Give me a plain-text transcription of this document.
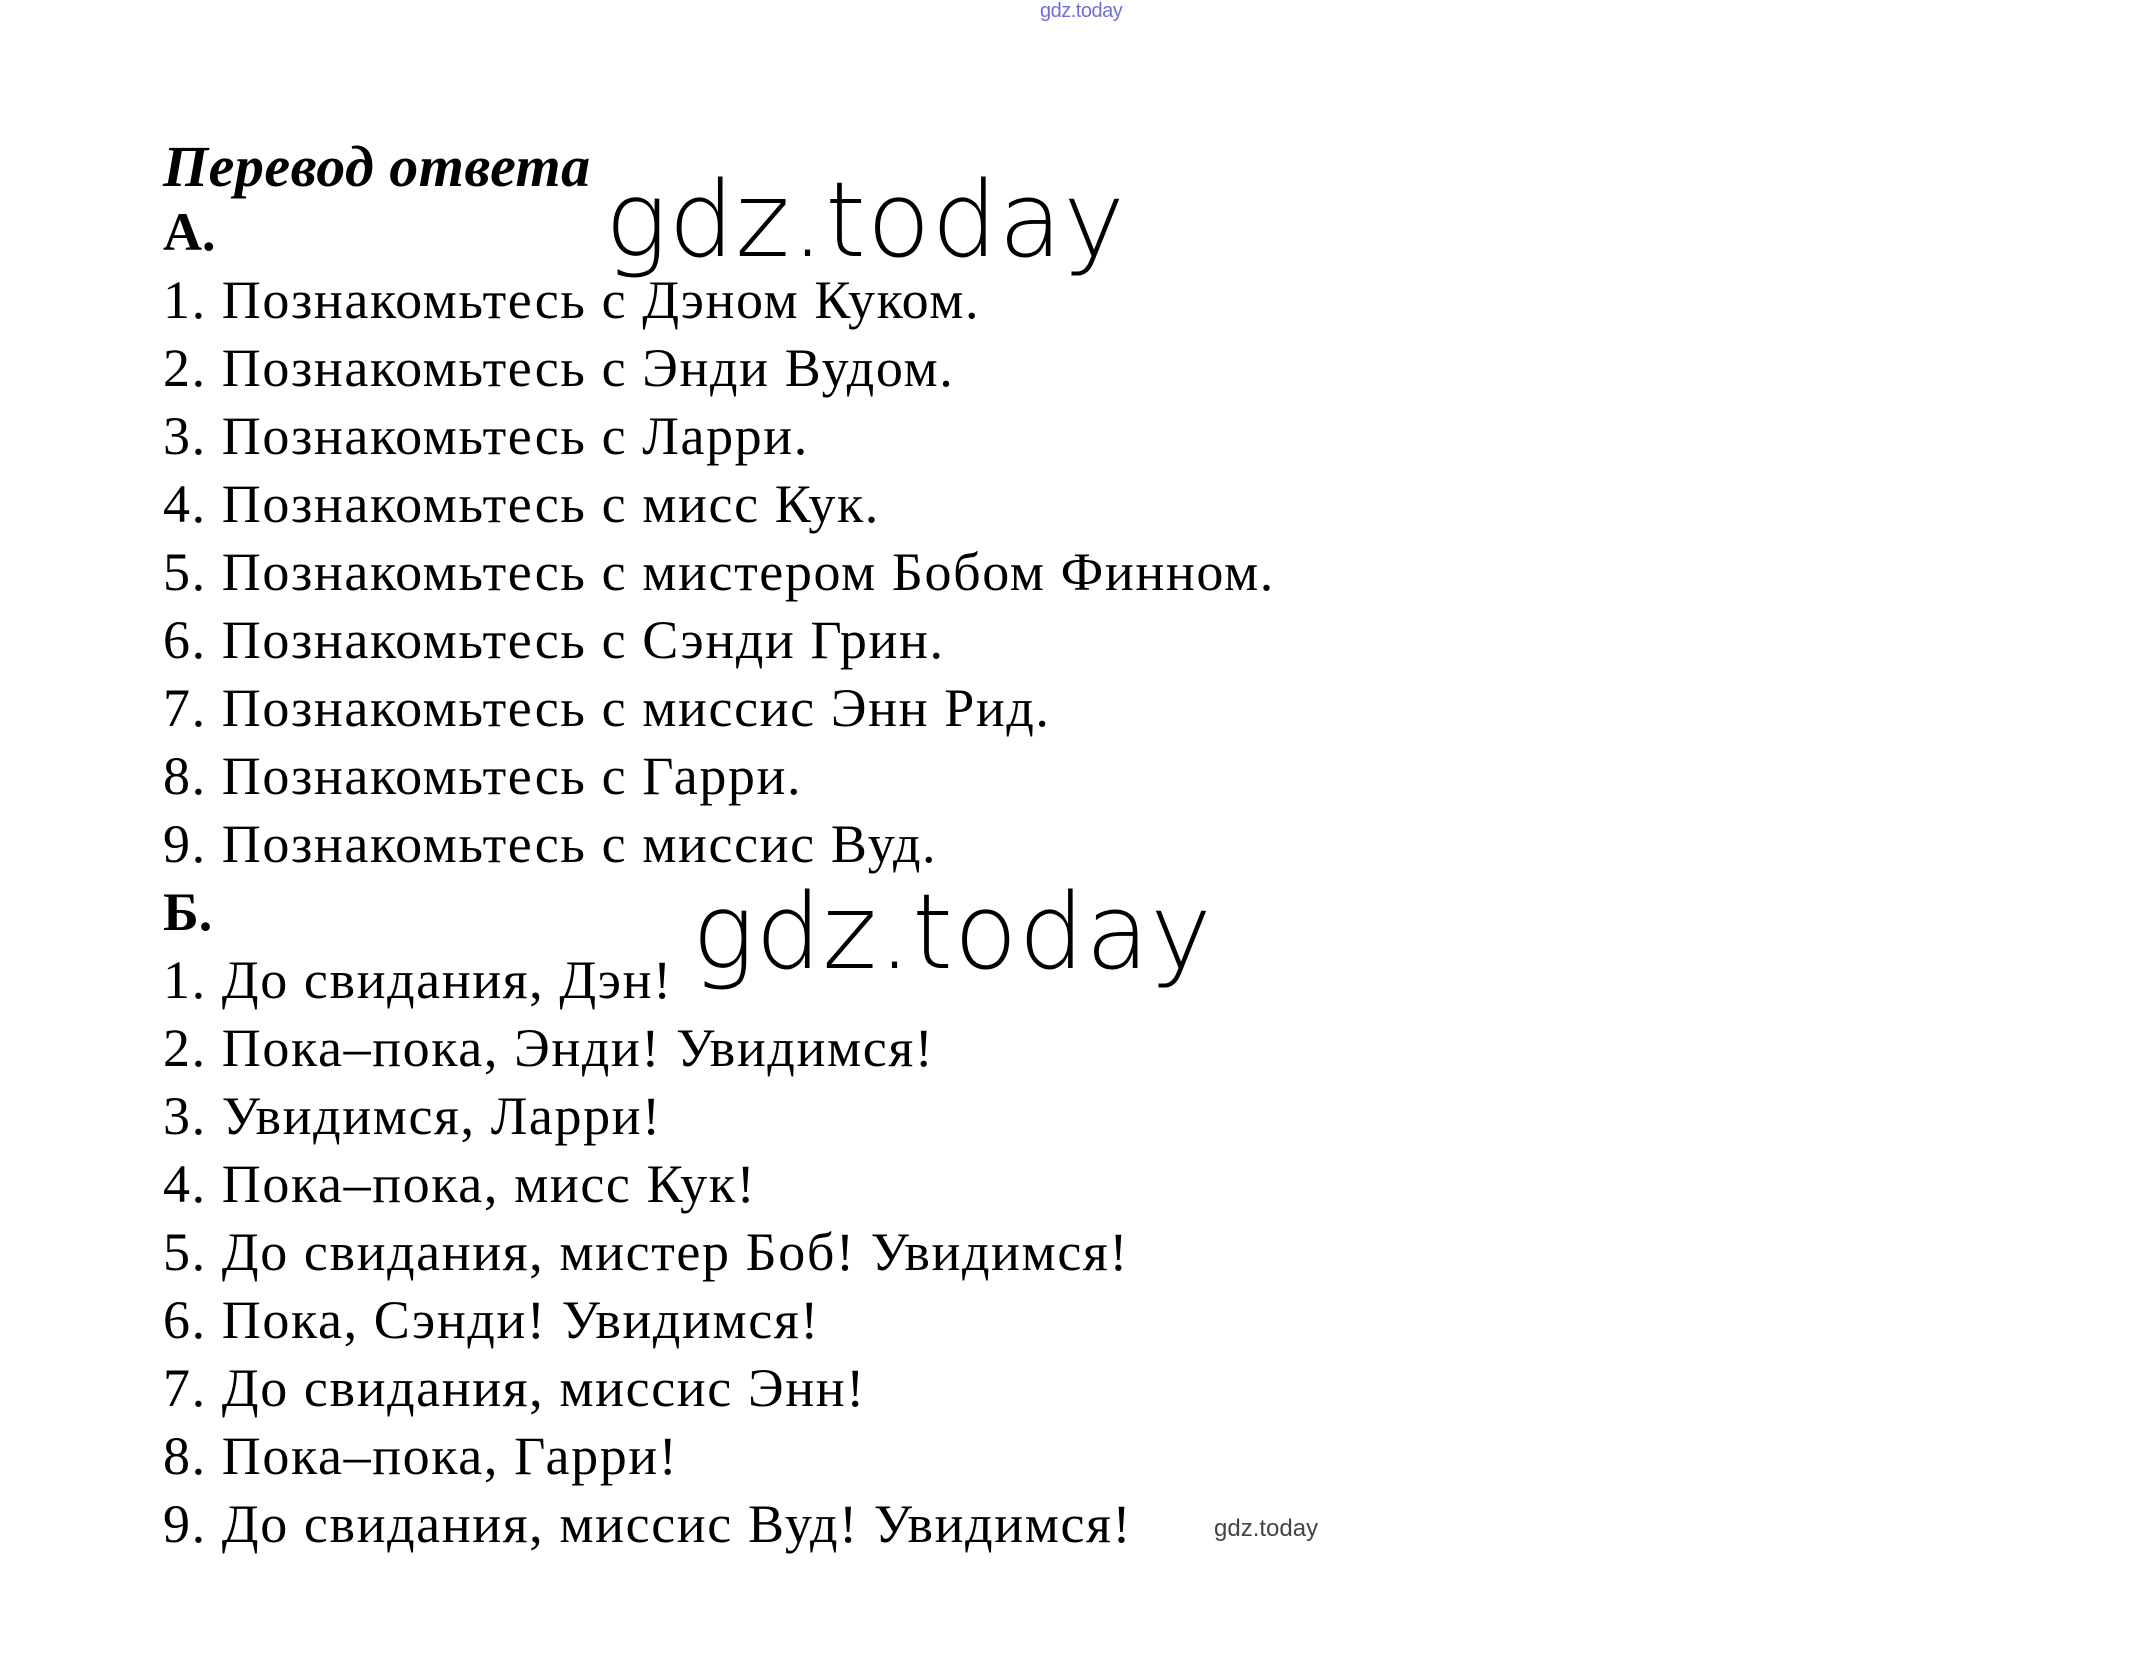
gdz.today
Перевод ответа
А.
1. Познакомьтесь с Дэном Куком.
2. Познакомьтесь с Энди Вудом.
3. Познакомьтесь с Ларри.
4. Познакомьтесь с мисс Кук.
5. Познакомьтесь с мистером Бобом Финном.
6. Познакомьтесь с Сэнди Грин.
7. Познакомьтесь с миссис Энн Рид.
8. Познакомьтесь с Гарри.
9. Познакомьтесь с миссис Вуд.
Б.
1. До свидания, Дэн!
2. Пока–пока, Энди! Увидимся!
3. Увидимся, Ларри!
4. Пока–пока, мисс Кук!
5. До свидания, мистер Боб! Увидимся!
6. Пока, Сэнди! Увидимся!
7. До свидания, миссис Энн!
8. Пока–пока, Гарри!
9. До свидания, миссис Вуд! Увидимся!
gdz.today
gdz.today
gdz.today
